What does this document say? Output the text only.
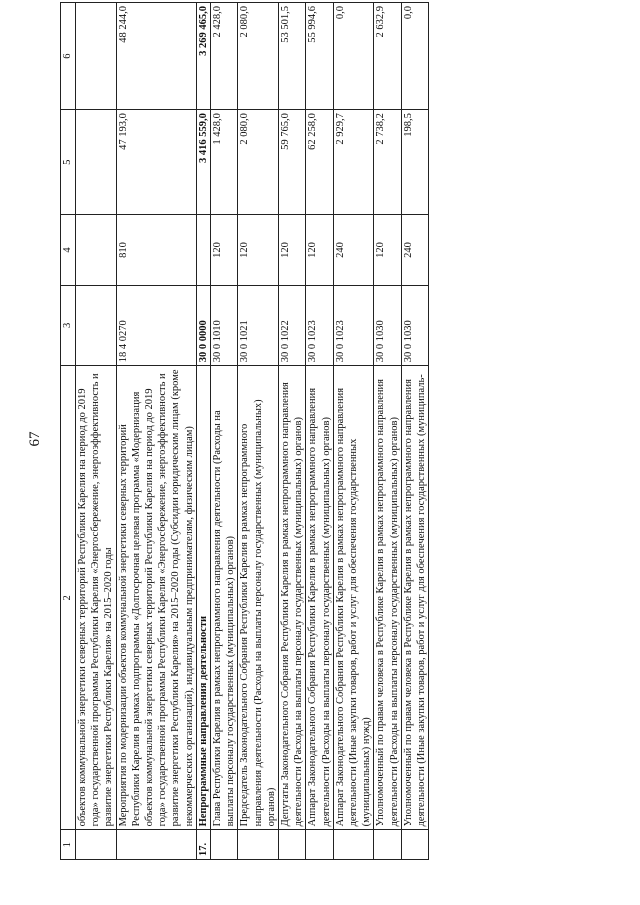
67
1	2	3	4	5	6
	объектов коммунальной энергетики северных территорий Республики Карелия на период до 2019 года» государственной программы Республики Карелия «Энергосбережение, энергоэффективность и развитие энергетики Республики Карелия» на 2015–2020 годы				
	Мероприятия по модернизации объектов коммунальной энергетики северных территорий Республики Карелия в рамках подпрограммы «Долгосрочная целевая программа «Модернизация объектов коммунальной энергетики северных территорий Республики Карелия на период до 2019 года» государственной программы Республики Карелия «Энергосбережение, энергоэффективность и развитие энергетики Республики Карелия» на 2015–2020 годы (Субсидии юридическим лицам (кроме некоммерческих организаций), индивидуальным предпринимателям, физическим лицам)	18 4 0270	810	47 193,0	48 244,0
17.	Непрограммные направления деятельности	30 0 0000		3 416 559,0	3 269 465,0
	Глава Республики Карелия в рамках непрограммного направления деятельности (Расходы на выплаты персоналу государственных (муниципальных) органов)	30 0 1010	120	1 428,0	2 428,0
	Председатель Законодательного Собрания Республики Карелия в рамках непрограммного направления деятельности (Расходы на выплаты персоналу государственных (муниципальных) органов)	30 0 1021	120	2 080,0	2 080,0
	Депутаты Законодательного Собрания Республики Карелия в рамках непрограммного направления деятельности (Расходы на выплаты персоналу государственных (муниципальных) органов)	30 0 1022	120	59 765,0	53 501,5
	Аппарат Законодательного Собрания Республики Карелия в рамках непрограммного направления деятельности (Расходы на выплаты персоналу государственных (муниципальных) органов)	30 0 1023	120	62 258,0	55 994,6
	Аппарат Законодательного Собрания Республики Карелия в рамках непрограммного направления деятельности (Иные закупки товаров, работ и услуг для обеспечения государственных (муниципальных) нужд)	30 0 1023	240	2 929,7	0,0
	Уполномоченный по правам человека в Республике Карелия в рамках непрограммного направления деятельности (Расходы на выплаты персоналу государственных (муниципальных) органов)	30 0 1030	120	2 738,2	2 632,9
	Уполномоченный по правам человека в Республике Карелия в рамках непрограммного направления деятельности (Иные закупки товаров, работ и услуг для обеспечения государственных (муниципаль-	30 0 1030	240	198,5	0,0
